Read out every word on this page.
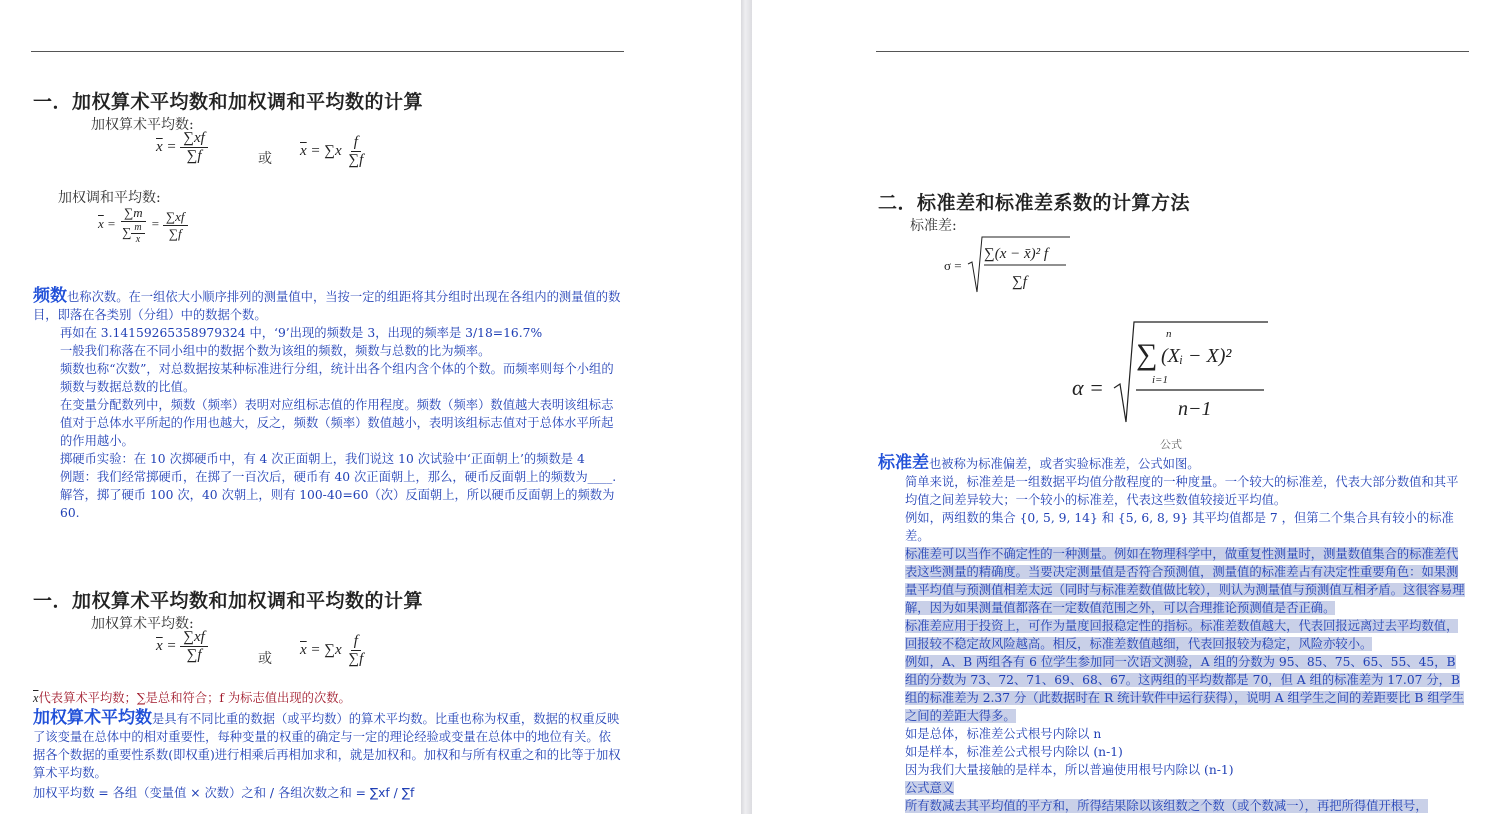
一．加权算术平均数和加权调和平均数的计算
加权算术平均数:
$\overline{x} = \frac{\sum xf}{\sum f}$	或
$\overline{x} = \sum x \frac{f}{\sum f}$
加权调和平均数:
$\overline{x} = \frac{\sum m}{\sum \frac{m}{x}} = \frac{\sum xf}{\sum f}$

频数也称次数。在一组依大小顺序排列的测量值中，当按一定的组距将其分组时出现在各组内的测量值的数目，即落在各类别（分组）中的数据个数。

再如在 3.14159265358979324 中，‘9’出现的频数是 3，出现的频率是 3/18=16.7%

一般我们称落在不同小组中的数据个数为该组的频数，频数与总数的比为频率。

频数也称“次数”，对总数据按某种标准进行分组，统计出各个组内含个体的个数。而频率则每个小组的频数与数据总数的比值。

在变量分配数列中，频数（频率）表明对应组标志值的作用程度。频数（频率）数值越大表明该组标志值对于总体水平所起的作用也越大，反之，频数（频率）数值越小，表明该组标志值对于总体水平所起的作用越小。

掷硬币实验：在 10 次掷硬币中，有 4 次正面朝上，我们说这 10 次试验中‘正面朝上’的频数是 4

例题：我们经常掷硬币，在掷了一百次后，硬币有 40 次正面朝上，那么，硬币反面朝上的频数为____.

解答，掷了硬币 100 次，40 次朝上，则有 100-40=60（次）反面朝上，所以硬币反面朝上的频数为 60.

一．加权算术平均数和加权调和平均数的计算
加权算术平均数:
$\overline{x} = \frac{\sum xf}{\sum f}$	或
$\overline{x} = \sum x \frac{f}{\sum f}$
$\overline{x}$代表算术平均数；∑是总和符合；f 为标志值出现的次数。

加权算术平均数是具有不同比重的数据（或平均数）的算术平均数。比重也称为权重，数据的权重反映了该变量在总体中的相对重要性，每种变量的权重的确定与一定的理论经验或变量在总体中的地位有关。依据各个数据的重要性系数(即权重)进行相乘后再相加求和，就是加权和。加权和与所有权重之和的比等于加权算术平均数。

加权平均数 = 各组（变量值 × 次数）之和 / 各组次数之和 = ∑xf / ∑f

二．标准差和标准差系数的计算方法
标准差:
σ =
∑(x − x̄)² f
∑f
α =
n
∑ (Xᵢ − X)²
i=1
n−1
公式

标准差也被称为标准偏差，或者实验标准差，公式如图。

简单来说，标准差是一组数据平均值分散程度的一种度量。一个较大的标准差，代表大部分数值和其平均值之间差异较大；一个较小的标准差，代表这些数值较接近平均值。

例如，两组数的集合 {0, 5, 9, 14} 和 {5, 6, 8, 9} 其平均值都是 7 ，但第二个集合具有较小的标准差。

标准差可以当作不确定性的一种测量。例如在物理科学中，做重复性测量时，测量数值集合的标准差代表这些测量的精确度。当要决定测量值是否符合预测值，测量值的标准差占有决定性重要角色：如果测量平均值与预测值相差太远（同时与标准差数值做比较），则认为测量值与预测值互相矛盾。这很容易理解，因为如果测量值都落在一定数值范围之外，可以合理推论预测值是否正确。

标准差应用于投资上，可作为量度回报稳定性的指标。标准差数值越大，代表回报远离过去平均数值，回报较不稳定故风险越高。相反，标准差数值越细，代表回报较为稳定，风险亦较小。

例如，A、B 两组各有 6 位学生参加同一次语文测验，A 组的分数为 95、85、75、65、55、45，B 组的分数为 73、72、71、69、68、67。这两组的平均数都是 70，但 A 组的标准差为 17.07 分，B 组的标准差为 2.37 分（此数据时在 R 统计软件中运行获得），说明 A 组学生之间的差距要比 B 组学生之间的差距大得多。

如是总体，标准差公式根号内除以 n

如是样本，标准差公式根号内除以 (n-1)

因为我们大量接触的是样本，所以普遍使用根号内除以 (n-1)

公式意义

所有数减去其平均值的平方和，所得结果除以该组数之个数（或个数减一），再把所得值开根号，
